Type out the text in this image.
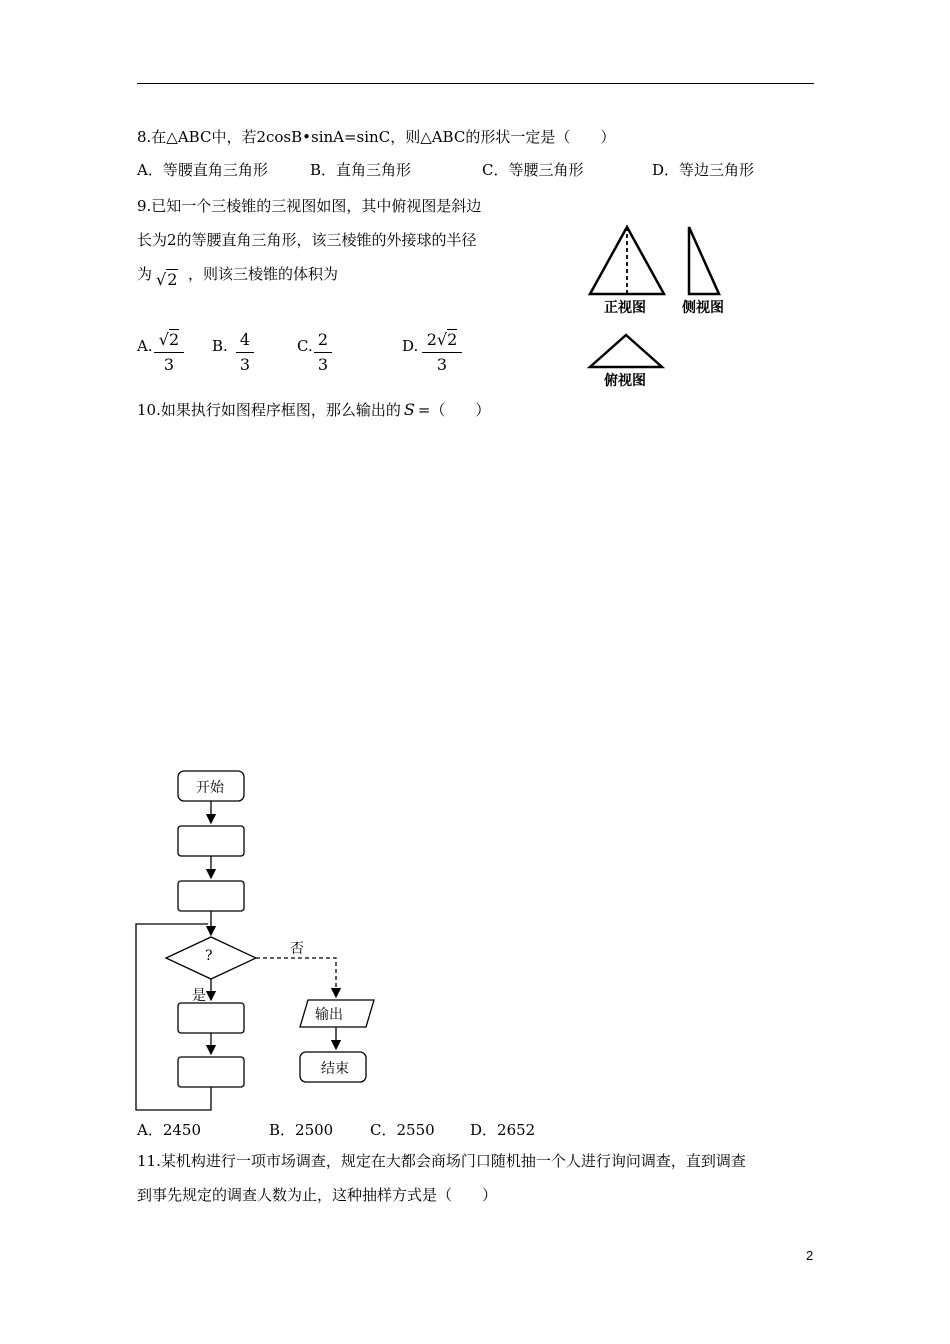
8.在△ABC中，若2cosB•sinA=sinC，则△ABC的形状一定是（　　）
A．等腰直角三角形	B．直角三角形	C．等腰三角形	D．等边三角形
9.已知一个三棱锥的三视图如图，其中俯视图是斜边
长为2的等腰直角三角形，该三棱锥的外接球的半径
为 √2 ，则该三棱锥的体积为
A. √2
3
B. 4
3
C. 2
3
D. 2√2
3
正视图	侧视图
俯视图
10.如果执行如图程序框图，那么输出的 S =（　　）
开始
?
是
否
输出
结束
A．2450	B．2500 C．2550 D．2652
11.某机构进行一项市场调查，规定在大都会商场门口随机抽一个人进行询问调查，直到调查
到事先规定的调查人数为止，这种抽样方式是（　　）
2
